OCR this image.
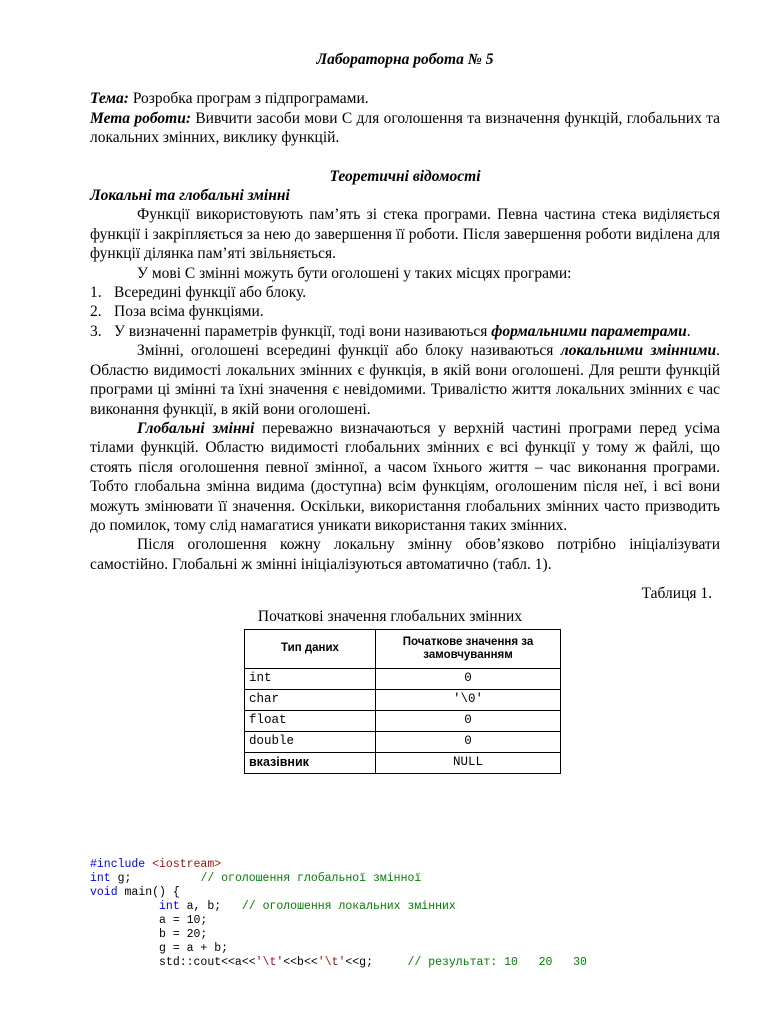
Лабораторна робота № 5

Тема: Розробка програм з підпрограмами.

Мета роботи: Вивчити засоби мови С для оголошення та визначення функцій, глобальних та локальних змінних, виклику функцій.

Теоретичні відомості

Локальні та глобальні змінні

Функції використовують пам’ять зі стека програми. Певна частина стека виділяється функції і закріпляється за нею до завершення її роботи. Після завершення роботи виділена для функції ділянка пам’яті звільняється.

У мові С змінні можуть бути оголошені у таких місцях програми:

1. Всередині функції або блоку.
2. Поза всіма функціями.
3. У визначенні параметрів функції, тоді вони називаються формальними параметрами.

Змінні, оголошені всередині функції або блоку називаються локальними змінними. Областю видимості локальних змінних є функція, в якій вони оголошені. Для решти функцій програми ці змінні та їхні значення є невідомими. Тривалістю життя локальних змінних є час виконання функції, в якій вони оголошені.

Глобальні змінні переважно визначаються у верхній частині програми перед усіма тілами функцій. Областю видимості глобальних змінних є всі функції у тому ж файлі, що стоять після оголошення певної змінної, а часом їхнього життя – час виконання програми. Тобто глобальна змінна видима (доступна) всім функціям, оголошеним після неї, і всі вони можуть змінювати її значення. Оскільки, використання глобальних змінних часто призводить до помилок, тому слід намагатися уникати використання таких змінних.

Після оголошення кожну локальну змінну обов’язково потрібно ініціалізувати самостійно. Глобальні ж змінні ініціалізуються автоматично (табл. 1).

Таблиця 1.

Початкові значення глобальних змінних

Тип даних	Початкове значення за замовчуванням
int	0
char	'\0'
float	0
double	0
вказівник	NULL
#include <iostream>
int g;          // оголошення глобальної змінної
void main() {
int a, b;   // оголошення локальних змінних
a = 10;
b = 20;
g = a + b;
std::cout<<a<<'\t'<<b<<'\t'<<g;     // результат: 10   20   30
